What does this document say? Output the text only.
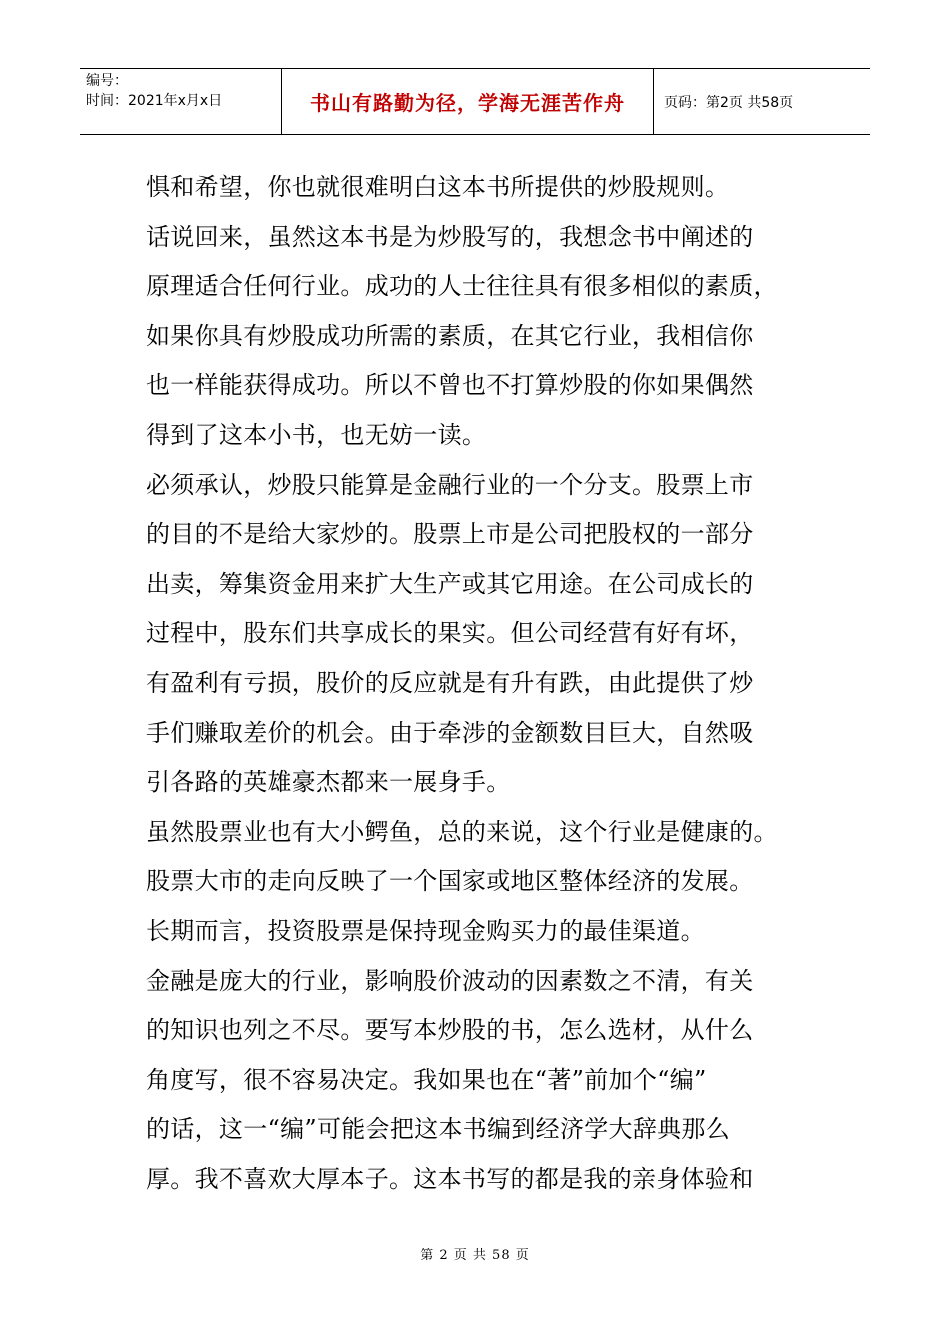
编号：
时间：2021年x月x日	书山有路勤为径，学海无涯苦作舟	页码：第2页 共58页

惧和希望，你也就很难明白这本书所提供的炒股规则。

话说回来，虽然这本书是为炒股写的，我想念书中阐述的

原理适合任何行业。成功的人士往往具有很多相似的素质，

如果你具有炒股成功所需的素质，在其它行业，我相信你

也一样能获得成功。所以不曾也不打算炒股的你如果偶然

得到了这本小书，也无妨一读。

必须承认，炒股只能算是金融行业的一个分支。股票上市

的目的不是给大家炒的。股票上市是公司把股权的一部分

出卖，筹集资金用来扩大生产或其它用途。在公司成长的

过程中，股东们共享成长的果实。但公司经营有好有坏，

有盈利有亏损，股价的反应就是有升有跌，由此提供了炒

手们赚取差价的机会。由于牵涉的金额数目巨大，自然吸

引各路的英雄豪杰都来一展身手。

虽然股票业也有大小鳄鱼，总的来说，这个行业是健康的。

股票大市的走向反映了一个国家或地区整体经济的发展。

长期而言，投资股票是保持现金购买力的最佳渠道。

金融是庞大的行业，影响股价波动的因素数之不清，有关

的知识也列之不尽。要写本炒股的书，怎么选材，从什么

角度写，很不容易决定。我如果也在“著”前加个“编”

的话，这一“编”可能会把这本书编到经济学大辞典那么

厚。我不喜欢大厚本子。这本书写的都是我的亲身体验和

第 2 页 共 58 页
